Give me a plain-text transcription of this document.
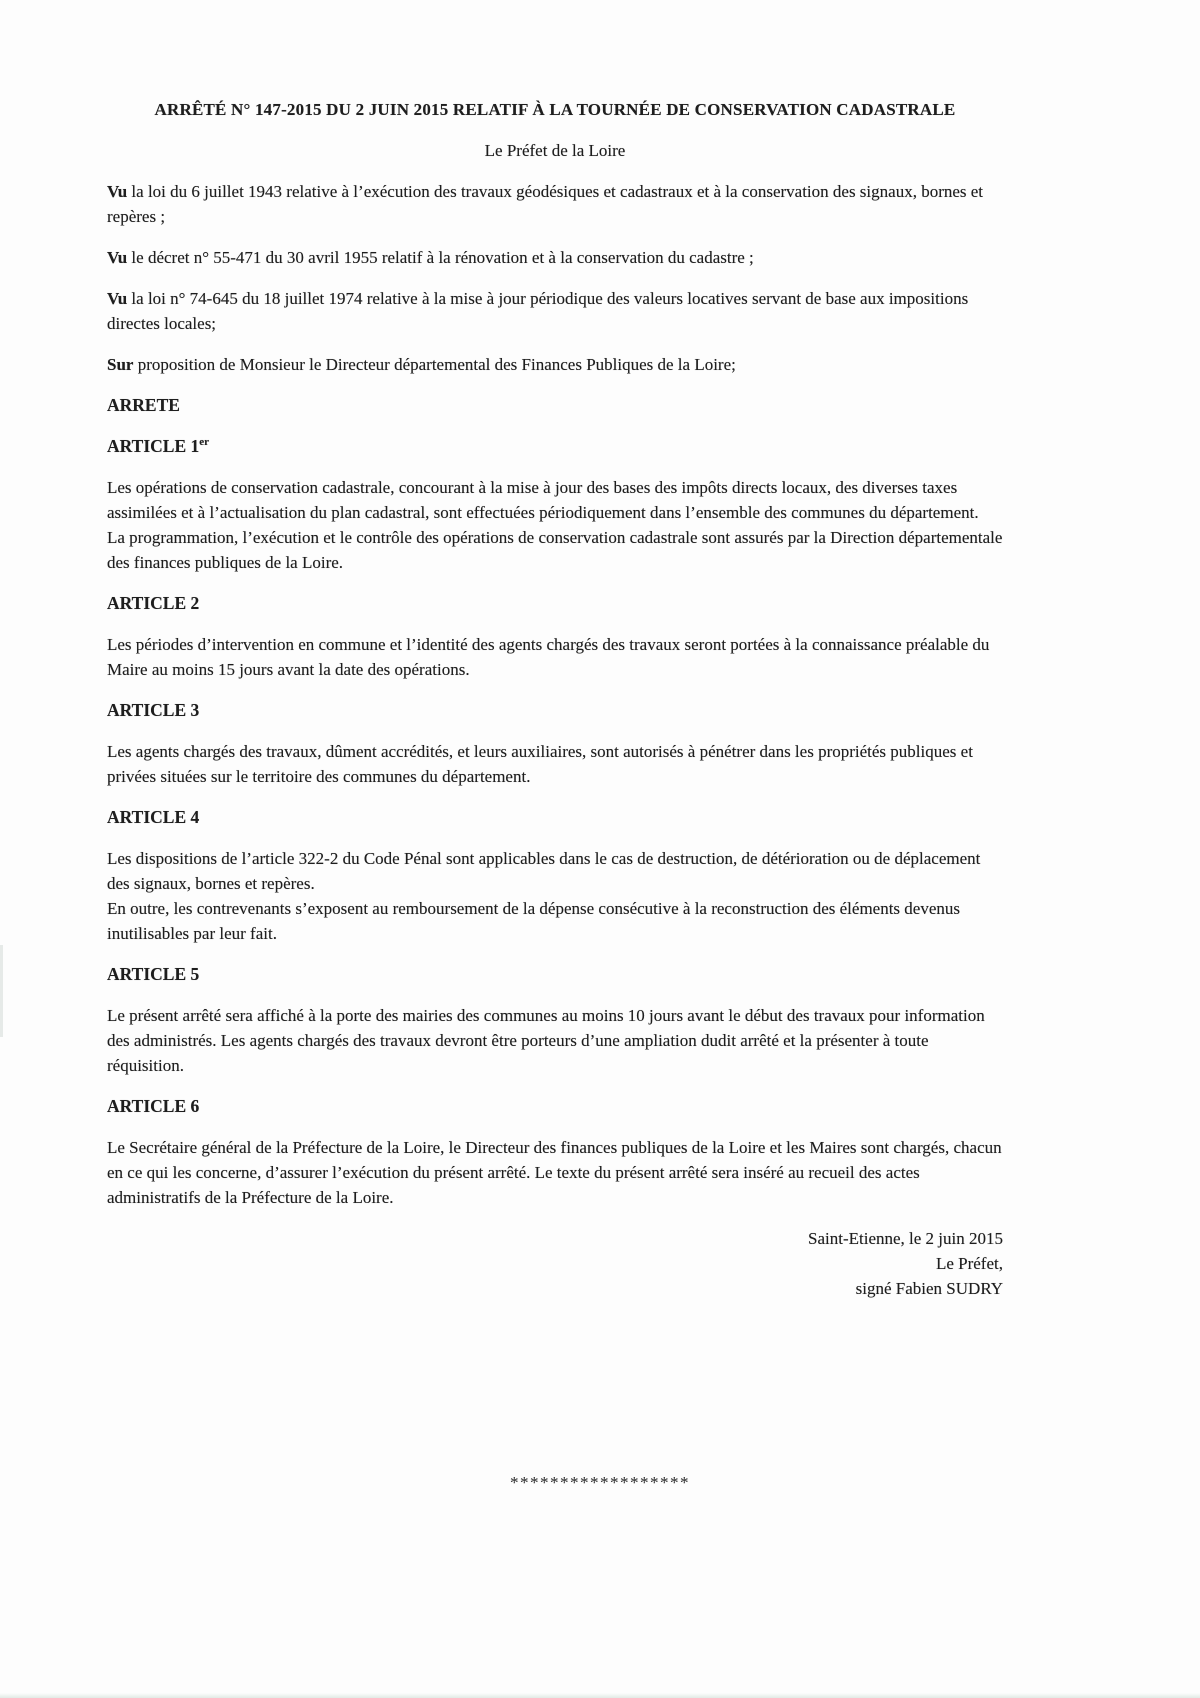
ARRÊTÉ N° 147-2015 DU 2 JUIN 2015 RELATIF À LA TOURNÉE DE CONSERVATION CADASTRALE

Le Préfet de la Loire

Vu la loi du 6 juillet 1943 relative à l’exécution des travaux géodésiques et cadastraux et à la conservation des signaux, bornes et repères ;

Vu le décret n° 55-471 du 30 avril 1955 relatif à la rénovation et à la conservation du cadastre ;

Vu la loi n° 74-645 du 18 juillet 1974 relative à la mise à jour périodique des valeurs locatives servant de base aux impositions directes locales;

Sur proposition de Monsieur le Directeur départemental des Finances Publiques de la Loire;

ARRETE

ARTICLE 1er

Les opérations de conservation cadastrale, concourant à la mise à jour des bases des impôts directs locaux, des diverses taxes assimilées et à l’actualisation du plan cadastral, sont effectuées périodiquement dans l’ensemble des communes du département.

La programmation, l’exécution et le contrôle des opérations de conservation cadastrale sont assurés par la Direction départementale des finances publiques de la Loire.

ARTICLE 2

Les périodes d’intervention en commune et l’identité des agents chargés des travaux seront portées à la connaissance préalable du Maire au moins 15 jours avant la date des opérations.

ARTICLE 3

Les agents chargés des travaux, dûment accrédités, et leurs auxiliaires, sont autorisés à pénétrer dans les propriétés publiques et privées situées sur le territoire des communes du département.

ARTICLE 4

Les dispositions de l’article 322-2 du Code Pénal sont applicables dans le cas de destruction, de détérioration ou de déplacement des signaux, bornes et repères.

En outre, les contrevenants s’exposent au remboursement de la dépense consécutive à la reconstruction des éléments devenus inutilisables par leur fait.

ARTICLE 5

Le présent arrêté sera affiché à la porte des mairies des communes au moins 10 jours avant le début des travaux pour information des administrés. Les agents chargés des travaux devront être porteurs d’une ampliation dudit arrêté et la présenter à toute réquisition.

ARTICLE 6

Le Secrétaire général de la Préfecture de la Loire, le Directeur des finances publiques de la Loire et les Maires sont chargés, chacun en ce qui les concerne, d’assurer l’exécution du présent arrêté. Le texte du présent arrêté sera inséré au recueil des actes administratifs de la Préfecture de la Loire.

Saint-Etienne, le 2 juin 2015
Le Préfet,
signé Fabien SUDRY
******************
